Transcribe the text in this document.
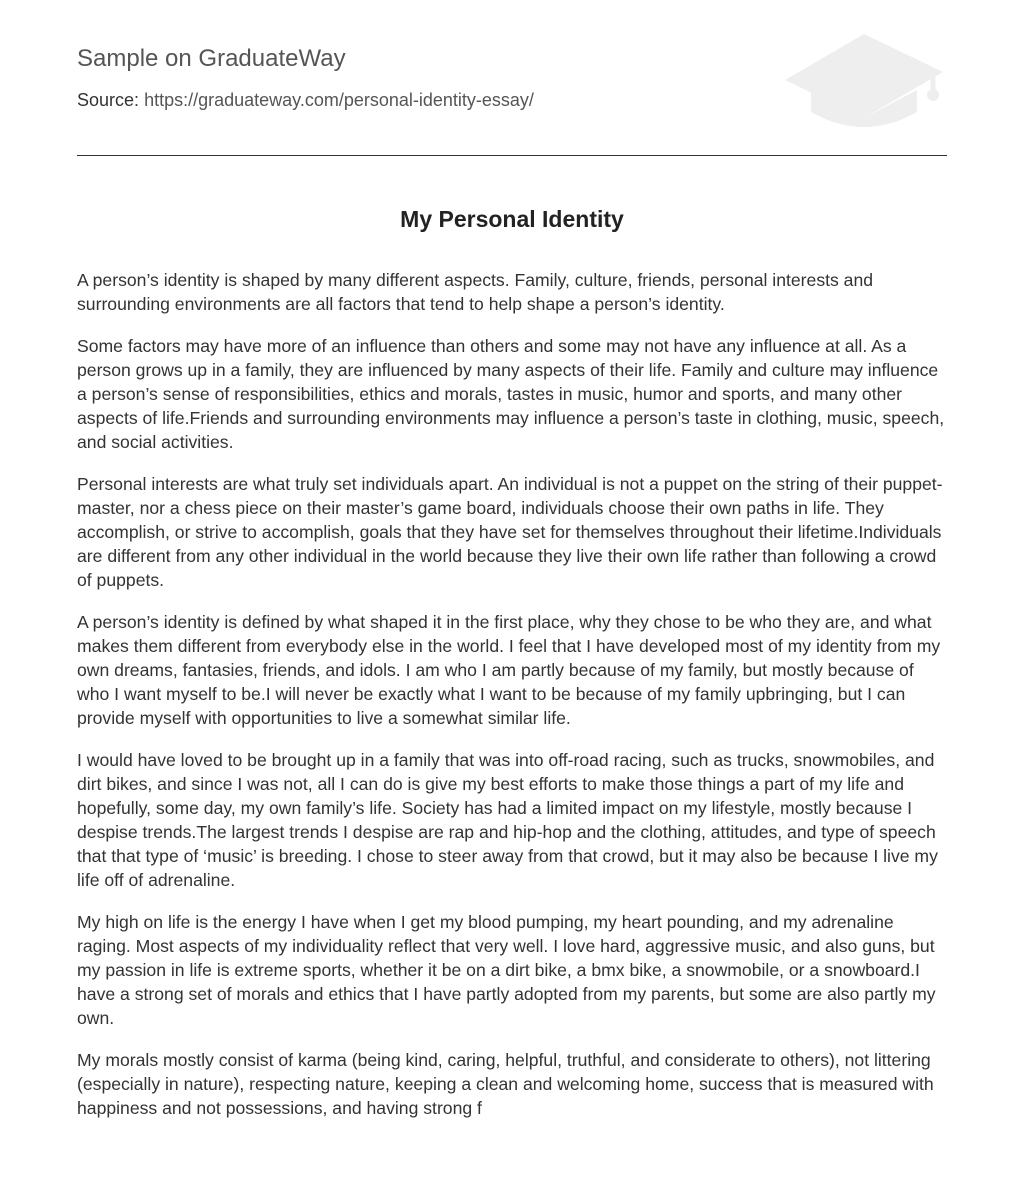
Sample on GraduateWay
Source: https://graduateway.com/personal-identity-essay/
My Personal Identity

A person’s identity is shaped by many different aspects. Family, culture, friends, personal interests and surrounding environments are all factors that tend to help shape a person’s identity.

Some factors may have more of an influence than others and some may not have any influence at all. As a person grows up in a family, they are influenced by many aspects of their life. Family and culture may influence a person’s sense of responsibilities, ethics and morals, tastes in music, humor and sports, and many other aspects of life.Friends and surrounding environments may influence a person’s taste in clothing, music, speech, and social activities.

Personal interests are what truly set individuals apart. An individual is not a puppet on the string of their puppet-master, nor a chess piece on their master’s game board, individuals choose their own paths in life. They accomplish, or strive to accomplish, goals that they have set for themselves throughout their lifetime.Individuals are different from any other individual in the world because they live their own life rather than following a crowd of puppets.

A person’s identity is defined by what shaped it in the first place, why they chose to be who they are, and what makes them different from everybody else in the world. I feel that I have developed most of my identity from my own dreams, fantasies, friends, and idols. I am who I am partly because of my family, but mostly because of who I want myself to be.I will never be exactly what I want to be because of my family upbringing, but I can provide myself with opportunities to live a somewhat similar life.

I would have loved to be brought up in a family that was into off-road racing, such as trucks, snowmobiles, and dirt bikes, and since I was not, all I can do is give my best efforts to make those things a part of my life and hopefully, some day, my own family’s life. Society has had a limited impact on my lifestyle, mostly because I despise trends.The largest trends I despise are rap and hip-hop and the clothing, attitudes, and type of speech that that type of ‘music’ is breeding. I chose to steer away from that crowd, but it may also be because I live my life off of adrenaline.

My high on life is the energy I have when I get my blood pumping, my heart pounding, and my adrenaline raging. Most aspects of my individuality reflect that very well. I love hard, aggressive music, and also guns, but my passion in life is extreme sports, whether it be on a dirt bike, a bmx bike, a snowmobile, or a snowboard.I have a strong set of morals and ethics that I have partly adopted from my parents, but some are also partly my own.

My morals mostly consist of karma (being kind, caring, helpful, truthful, and considerate to others), not littering (especially in nature), respecting nature, keeping a clean and welcoming home, success that is measured with happiness and not possessions, and having strong f
